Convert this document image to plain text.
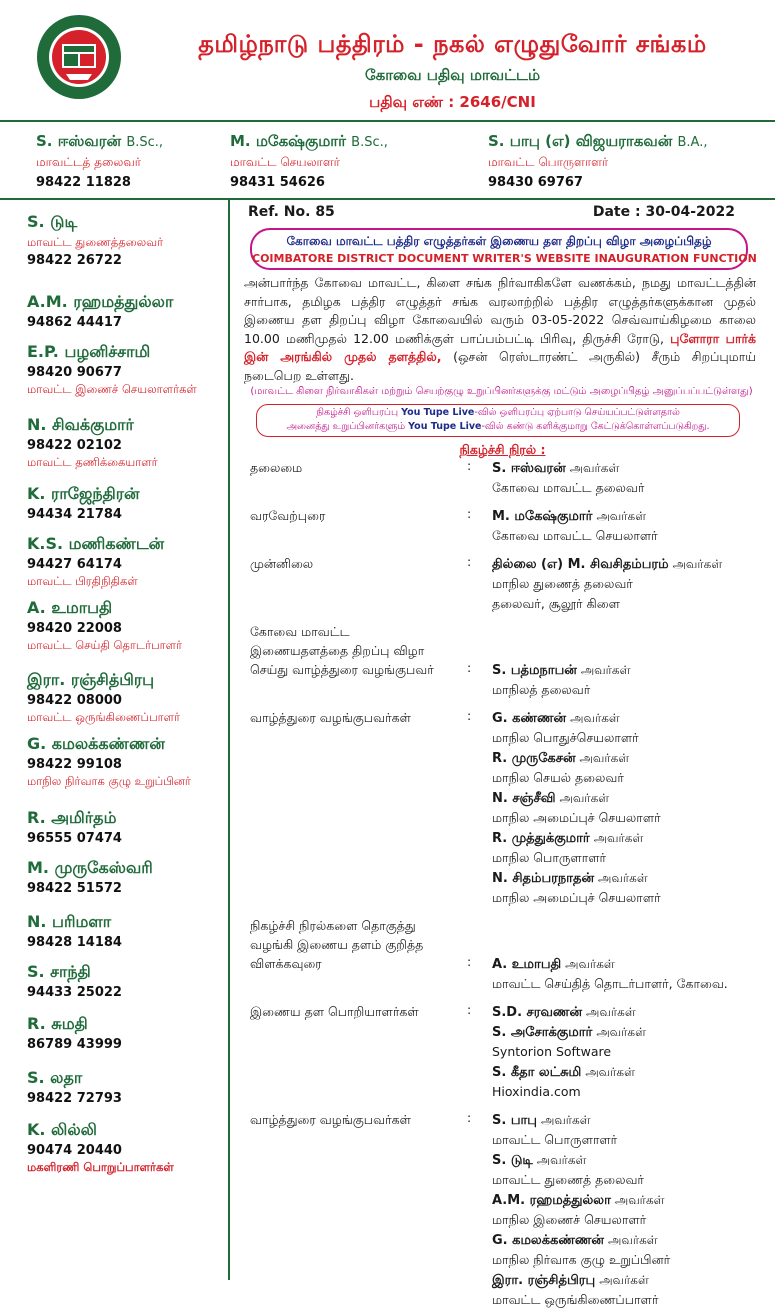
தமிழ்நாடு பத்திரம் - நகல் எழுதுவோர் சங்கம்
கோவை பதிவு மாவட்டம்
பதிவு எண் : 2646/CNI
S. ஈஸ்வரன் B.Sc.,
மாவட்டத் தலைவர்
98422 11828
M. மகேஷ்குமார் B.Sc.,
மாவட்ட செயலாளர்
98431 54626
S. பாபு (எ) விஜயராகவன் B.A.,
மாவட்ட பொருளாளர்
98430 69767
S. டுடி
மாவட்ட துணைத்தலைவர்
98422 26722
A.M. ரஹமத்துல்லா
94862 44417
E.P. பழனிச்சாமி
98420 90677
மாவட்ட இணைச் செயலாளர்கள்
N. சிவக்குமார்
98422 02102
மாவட்ட தணிக்கையாளர்
K. ராஜேந்திரன்
94434 21784
K.S. மணிகண்டன்
94427 64174
மாவட்ட பிரதிநிதிகள்
A. உமாபதி
98420 22008
மாவட்ட செய்தி தொடர்பாளர்
இரா. ரஞ்சித்பிரபு
98422 08000
மாவட்ட ஒருங்கிணைப்பாளர்
G. கமலக்கண்ணன்
98422 99108
மாநில நிர்வாக குழு உறுப்பினர்
R. அமிர்தம்
96555 07474
M. முருகேஸ்வரி
98422 51572
N. பரிமளா
98428 14184
S. சாந்தி
94433 25022
R. சுமதி
86789 43999
S. லதா
98422 72793
K. லில்லி
90474 20440
மகளிரணி பொறுப்பாளர்கள்
Ref. No. 85	Date : 30-04-2022
கோவை மாவட்ட பத்திர எழுத்தர்கள் இணைய தள திறப்பு விழா அழைப்பிதழ்
COIMBATORE DISTRICT DOCUMENT WRITER'S WEBSITE INAUGURATION FUNCTION
அன்பார்ந்த கோவை மாவட்ட, கிளை சங்க நிர்வாகிகளே வணக்கம், நமது மாவட்டத்தின் சார்பாக, தமிழக பத்திர எழுத்தர் சங்க வரலாற்றில் பத்திர எழுத்தர்களுக்கான முதல் இணைய தள திறப்பு விழா கோவையில் வரும் 03-05-2022 செவ்வாய்கிழமை காலை 10.00 மணிமுதல் 12.00 மணிக்குள் பாப்பம்பட்டி பிரிவு, திருச்சி ரோடு, புளோரா பார்க் இன் அரங்கில் முதல் தளத்தில், (ஒசன் ரெஸ்டாரண்ட் அருகில்) சீரும் சிறப்புமாய் நடைபெற உள்ளது.
(மாவட்ட கிளை நிர்வாகிகள் மற்றும் செயற்குழு உறுப்பினர்களுக்கு மட்டும் அழைப்பிதழ் அனுப்பப்பட்டுள்ளது)
நிகழ்ச்சி ஒளிபரப்பு You Tupe Live-வில் ஒளிபரப்பு ஏற்பாடு செய்யப்பட்டுள்ளதால்
அனைத்து உறுப்பினர்களும் You Tupe Live-வில் கண்டு களிக்குமாறு கேட்டுக்கொள்ளப்படுகிறது.
நிகழ்ச்சி நிரல் :
தலைமை	: S. ஈஸ்வரன் அவர்கள்
கோவை மாவட்ட தலைவர்
வரவேற்புரை	: M. மகேஷ்குமார் அவர்கள்
கோவை மாவட்ட செயலாளர்
முன்னிலை	: தில்லை (எ) M. சிவசிதம்பரம் அவர்கள்
மாநில துணைத் தலைவர்
தலைவர், சூலூர் கிளை
கோவை மாவட்ட
இணையதளத்தை திறப்பு விழா
செய்து வாழ்த்துரை வழங்குபவர்	: S. பத்மநாபன் அவர்கள்
மாநிலத் தலைவர்
வாழ்த்துரை வழங்குபவர்கள்	: G. கண்ணன் அவர்கள்
மாநில பொதுச்செயலாளர்
R. முருகேசன் அவர்கள்
மாநில செயல் தலைவர்
N. சஞ்சீவி அவர்கள்
மாநில அமைப்புச் செயலாளர்
R. முத்துக்குமார் அவர்கள்
மாநில பொருளாளர்
N. சிதம்பரநாதன் அவர்கள்
மாநில அமைப்புச் செயலாளர்
நிகழ்ச்சி நிரல்களை தொகுத்து
வழங்கி இணைய தளம் குறித்த
விளக்கவுரை	: A. உமாபதி அவர்கள்
மாவட்ட செய்தித் தொடர்பாளர், கோவை.
இணைய தள பொறியாளர்கள்	: S.D. சரவணன் அவர்கள்
S. அசோக்குமார் அவர்கள்
Syntorion Software
S. கீதா லட்சுமி அவர்கள்
Hioxindia.com
வாழ்த்துரை வழங்குபவர்கள்	: S. பாபு அவர்கள்
மாவட்ட பொருளாளர்
S. டுடி அவர்கள்
மாவட்ட துணைத் தலைவர்
A.M. ரஹமத்துல்லா அவர்கள்
மாநில இணைச் செயலாளர்
G. கமலக்கண்ணன் அவர்கள்
மாநில நிர்வாக குழு உறுப்பினர்
இரா. ரஞ்சித்பிரபு அவர்கள்
மாவட்ட ஒருங்கிணைப்பாளர்
